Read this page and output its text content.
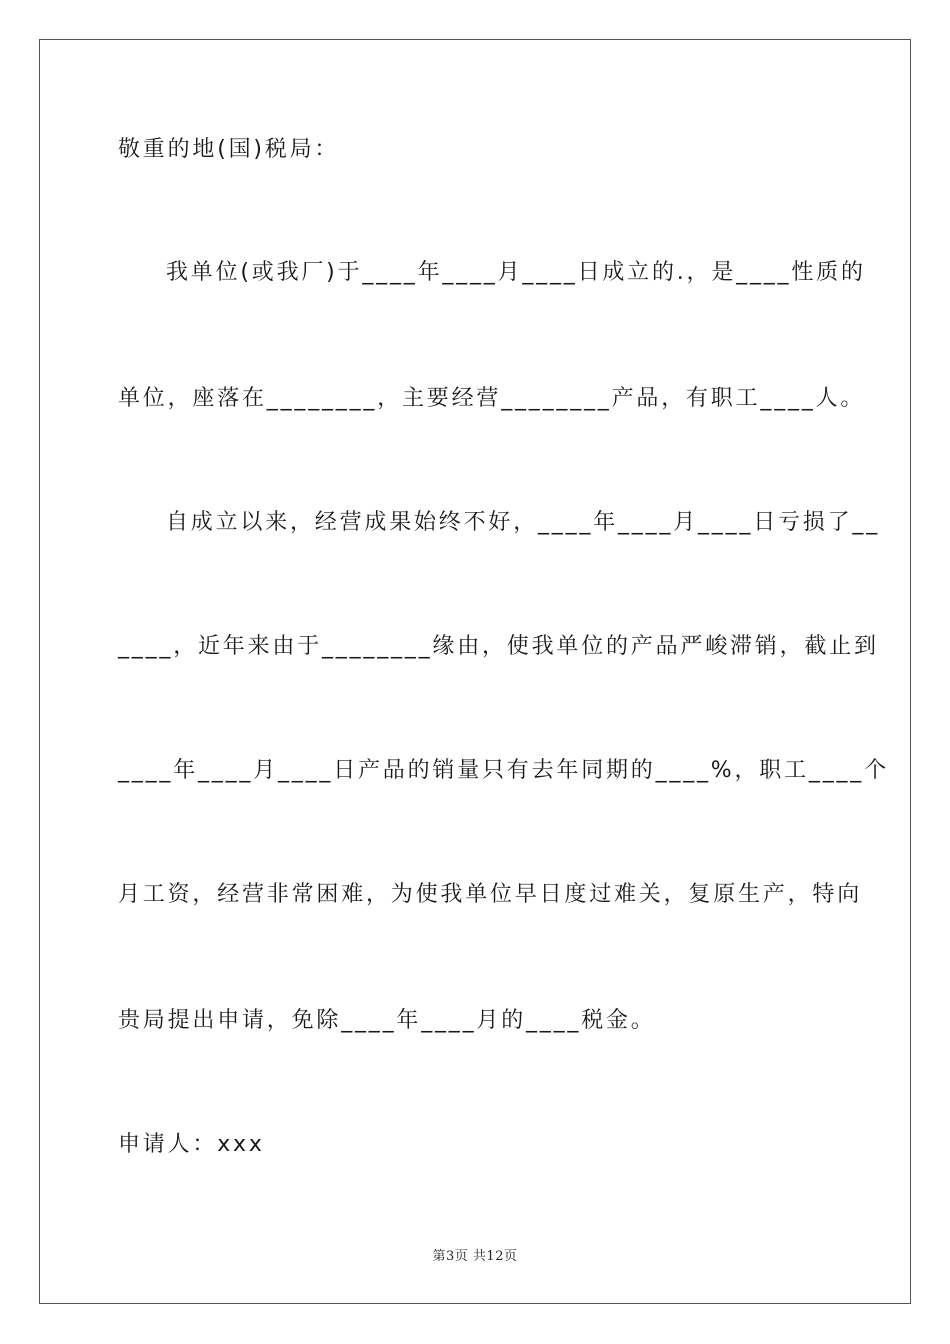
敬重的地(国)税局：
我单位(或我厂)于____年____月____日成立的.，是____性质的
单位，座落在________，主要经营________产品，有职工____人。
自成立以来，经营成果始终不好，____年____月____日亏损了__
____，近年来由于________缘由，使我单位的产品严峻滞销，截止到
____年____月____日产品的销量只有去年同期的____%，职工____个
月工资，经营非常困难，为使我单位早日度过难关，复原生产，特向
贵局提出申请，免除____年____月的____税金。
申请人：xxx
第3页 共12页
